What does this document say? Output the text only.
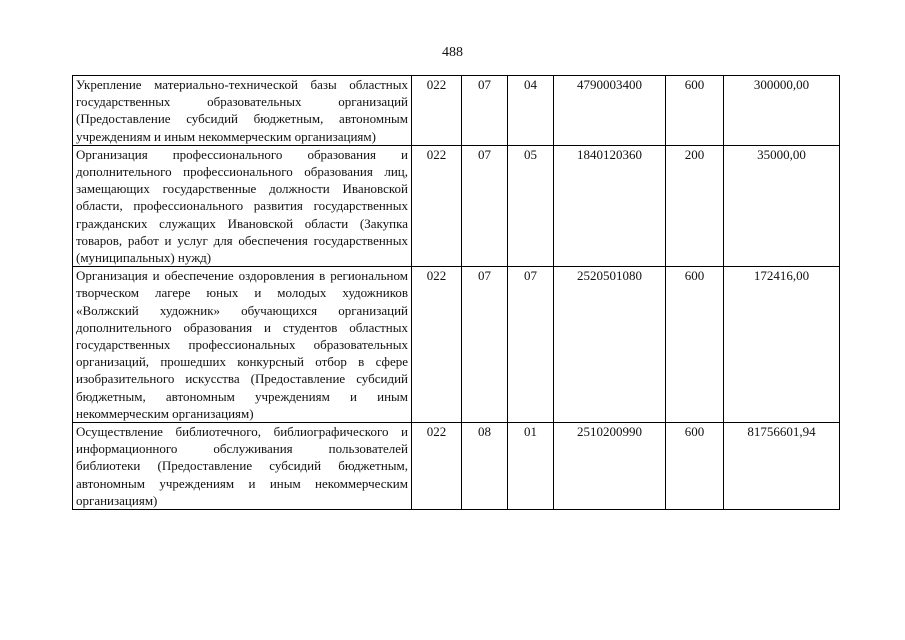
488
Укрепление материально-технической базы областных государственных образовательных организаций (Предоставление субсидий бюджетным, автономным учреждениям и иным некоммерческим организациям)	022	07	04	4790003400	600	300000,00
Организация профессионального образования и дополнительного профессионального образования лиц, замещающих государственные должности Ивановской области, профессионального развития государственных гражданских служащих Ивановской области (Закупка товаров, работ и услуг для обеспечения государственных (муниципальных) нужд)	022	07	05	1840120360	200	35000,00
Организация и обеспечение оздоровления в региональном творческом лагере юных и молодых художников «Волжский художник» обучающихся организаций дополнительного образования и студентов областных государственных профессиональных образовательных организаций, прошедших конкурсный отбор в сфере изобразительного искусства (Предоставление субсидий бюджетным, автономным учреждениям и иным некоммерческим организациям)	022	07	07	2520501080	600	172416,00
Осуществление библиотечного, библиографического и информационного обслуживания пользователей библиотеки (Предоставление субсидий бюджетным, автономным учреждениям и иным некоммерческим организациям)	022	08	01	2510200990	600	81756601,94
